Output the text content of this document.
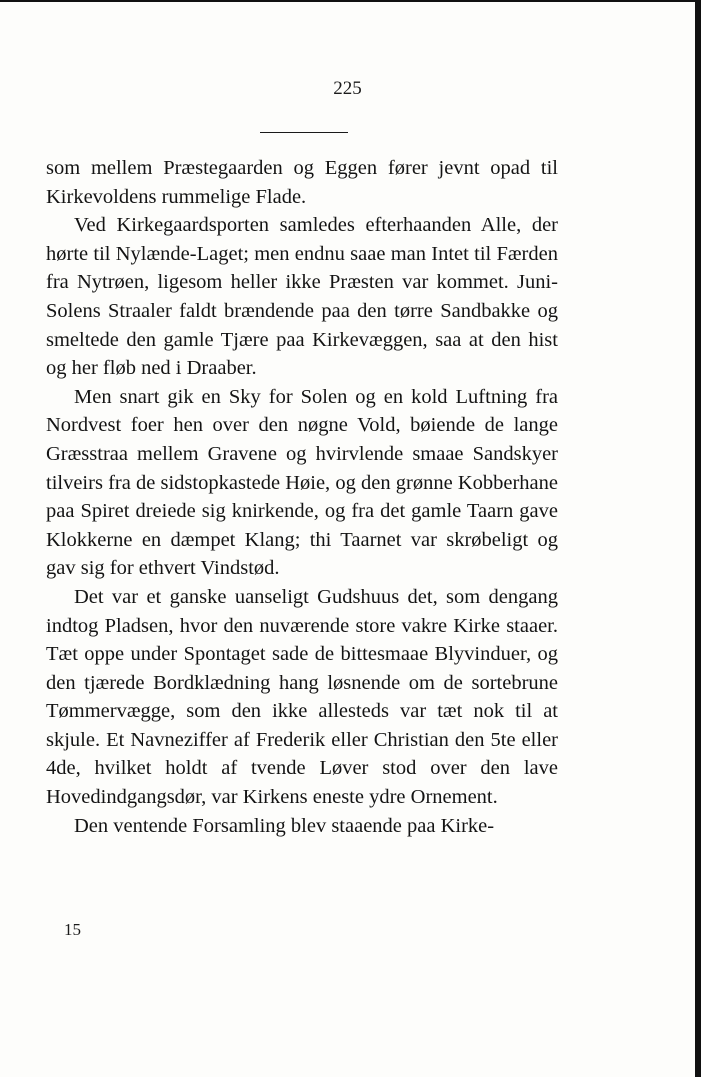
225

som mellem Præstegaarden og Eggen fører jevnt opad til Kirkevoldens rummelige Flade.

Ved Kirkegaardsporten samledes efterhaanden Alle, der hørte til Nylænde-Laget; men endnu saae man Intet til Færden fra Nytrøen, ligesom heller ikke Præsten var kommet. Juni-Solens Straaler faldt brændende paa den tørre Sandbakke og smeltede den gamle Tjære paa Kirkevæggen, saa at den hist og her fløb ned i Draaber.

Men snart gik en Sky for Solen og en kold Luftning fra Nordvest foer hen over den nøgne Vold, bøiende de lange Græsstraa mellem Gravene og hvirvlende smaae Sandskyer tilveirs fra de sidstopkastede Høie, og den grønne Kobberhane paa Spiret dreiede sig knirkende, og fra det gamle Taarn gave Klokkerne en dæmpet Klang; thi Taarnet var skrøbeligt og gav sig for ethvert Vindstød.

Det var et ganske uanseligt Gudshuus det, som dengang indtog Pladsen, hvor den nuværende store vakre Kirke staaer. Tæt oppe under Spontaget sade de bittesmaae Blyvinduer, og den tjærede Bordklædning hang løsnende om de sortebrune Tømmervægge, som den ikke allesteds var tæt nok til at skjule. Et Navneziffer af Frederik eller Christian den 5te eller 4de, hvilket holdt af tvende Løver stod over den lave Hovedindgangsdør, var Kirkens eneste ydre Ornement.

Den ventende Forsamling blev staaende paa Kirke-

15
